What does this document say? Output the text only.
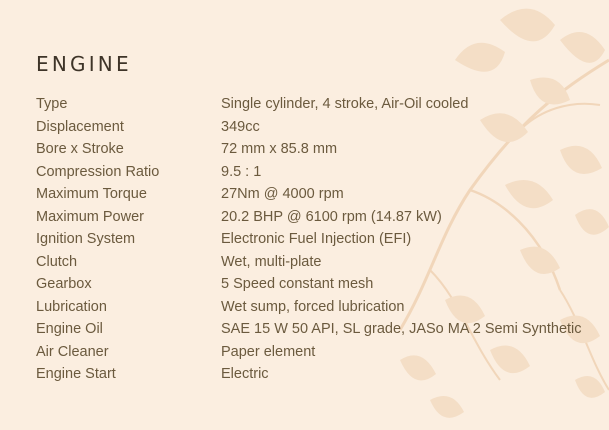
ENGINE
Type	Single cylinder, 4 stroke, Air-Oil cooled
Displacement	349cc
Bore x Stroke	72 mm x 85.8 mm
Compression Ratio	9.5 : 1
Maximum Torque	27Nm @ 4000 rpm
Maximum Power	20.2 BHP @ 6100 rpm (14.87 kW)
Ignition System	Electronic Fuel Injection (EFI)
Clutch	Wet, multi-plate
Gearbox	5 Speed constant mesh
Lubrication	Wet sump, forced lubrication
Engine Oil	SAE 15 W 50 API, SL grade, JASo MA 2 Semi Synthetic
Air Cleaner	Paper element
Engine Start	Electric
